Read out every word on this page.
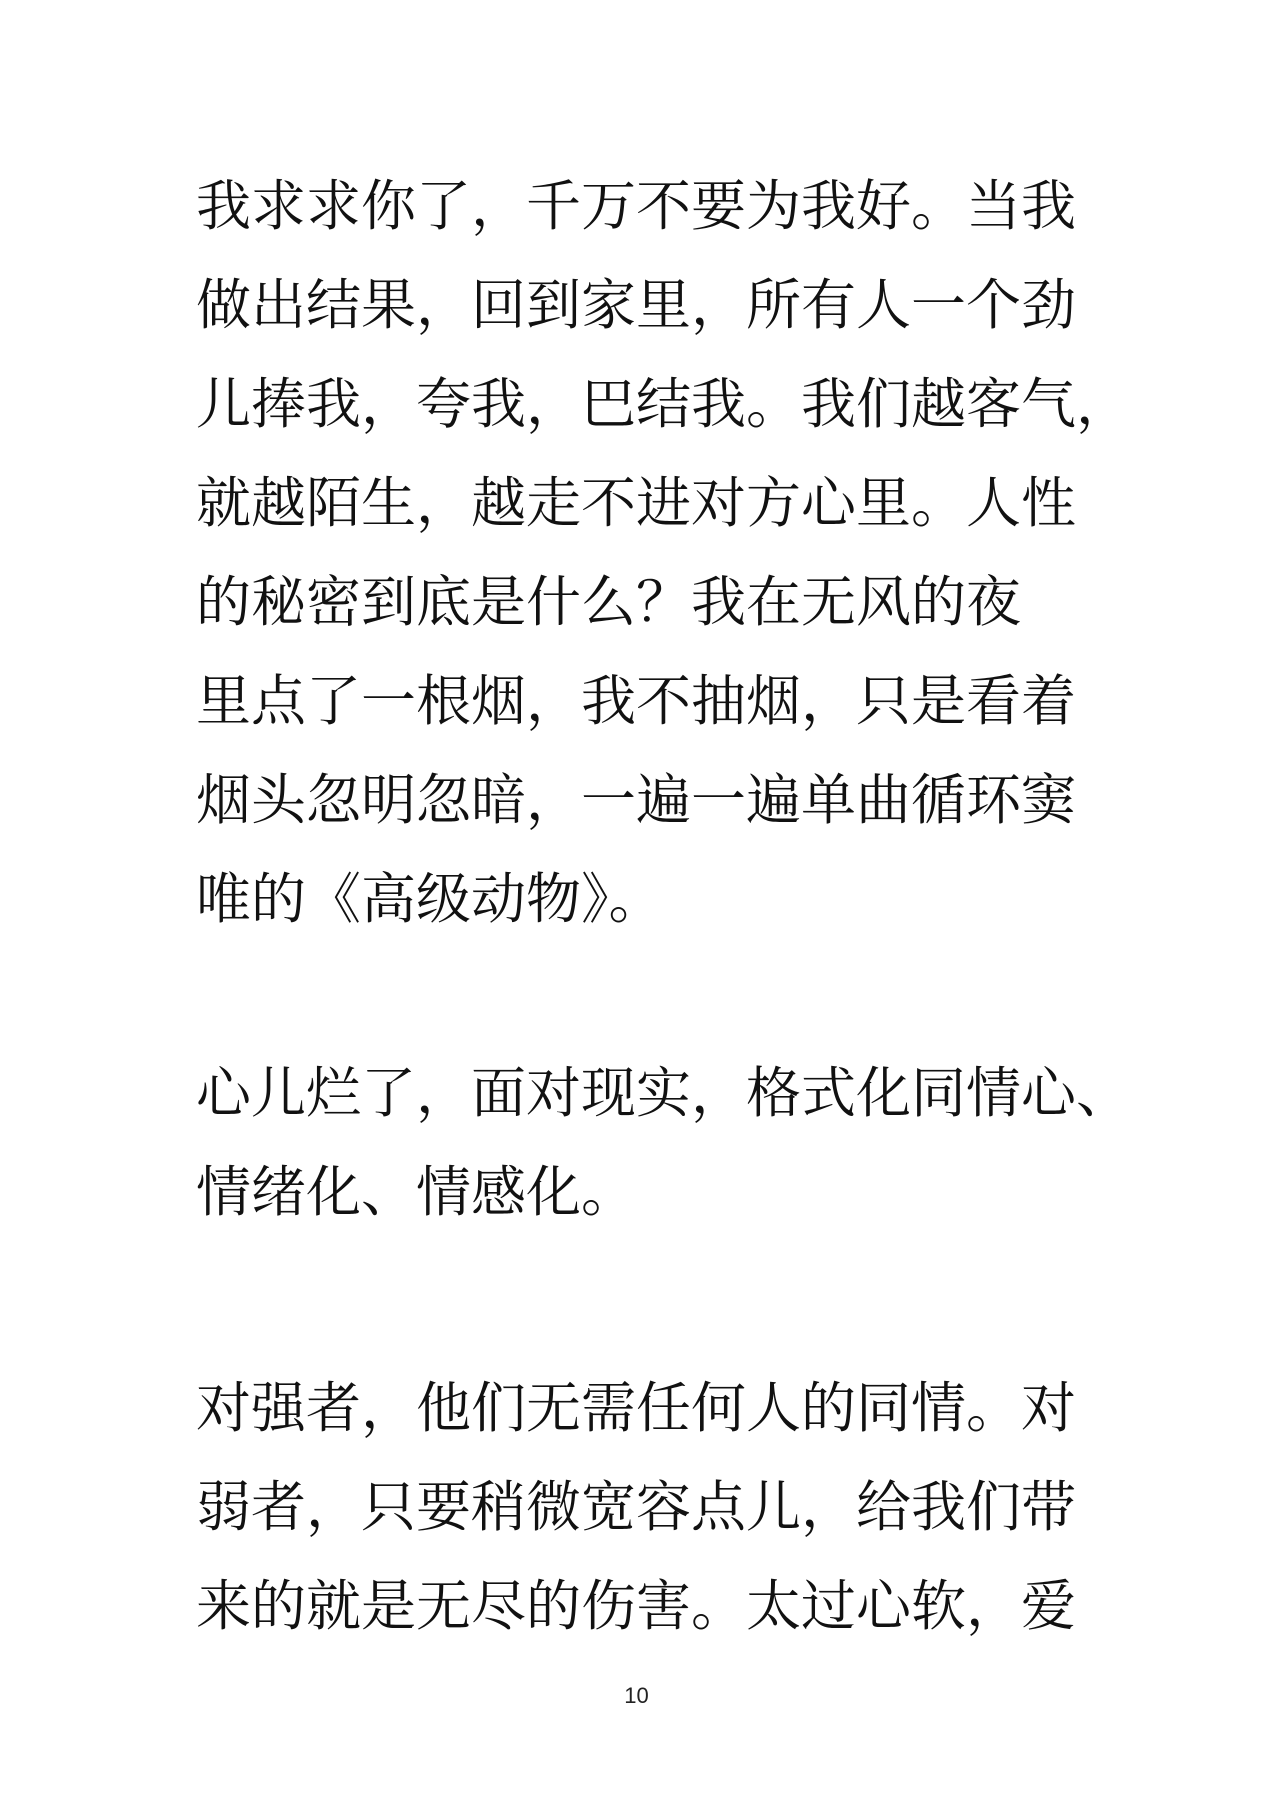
我求求你了，千万不要为我好。当我
做出结果，回到家里，所有人一个劲
儿捧我，夸我，巴结我。我们越客气，
就越陌生，越走不进对方心里。人性
的秘密到底是什么？我在无风的夜
里点了一根烟，我不抽烟，只是看着
烟头忽明忽暗，一遍一遍单曲循环窦
唯的《高级动物》。
心儿烂了，面对现实，格式化同情心、
情绪化、情感化。
对强者，他们无需任何人的同情。对
弱者，只要稍微宽容点儿，给我们带
来的就是无尽的伤害。太过心软，爱
10
